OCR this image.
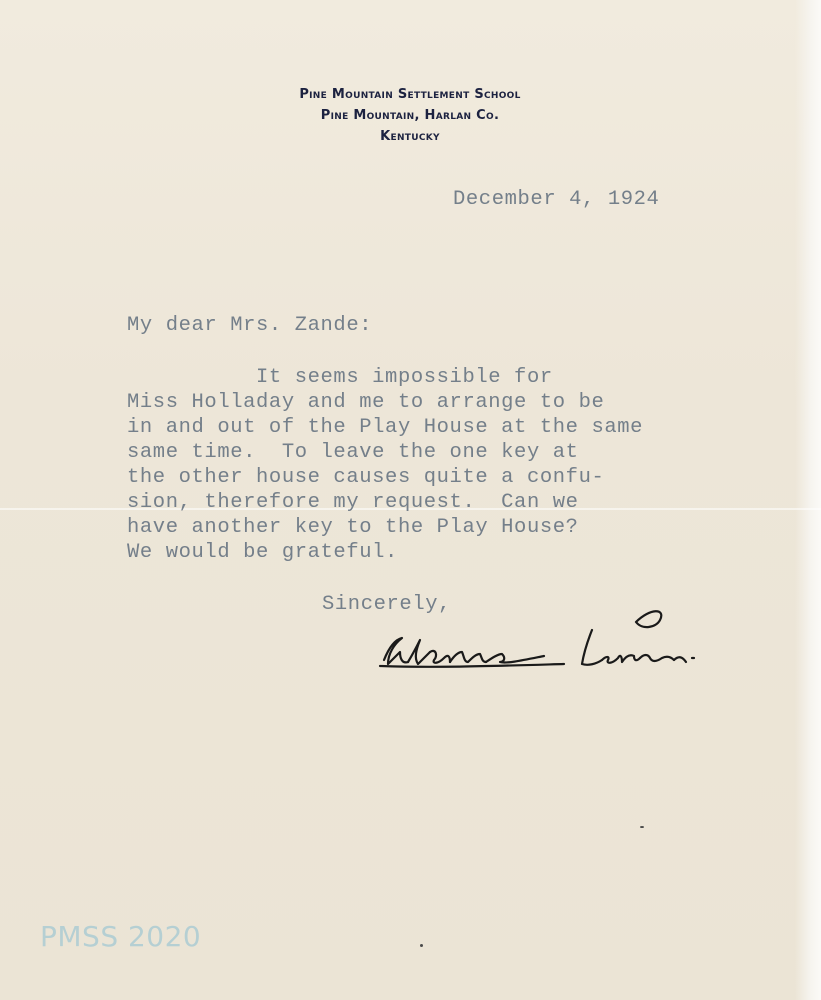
Pine Mountain Settlement School
Pine Mountain, Harlan Co.
Kentucky
December 4, 1924
My dear Mrs. Zande:
It seems impossible for
Miss Holladay and me to arrange to be
in and out of the Play House at the same
same time.  To leave the one key at
the other house causes quite a confu-
sion, therefore my request.  Can we
have another key to the Play House?
We would be grateful.
Sincerely,
PMSS 2020
